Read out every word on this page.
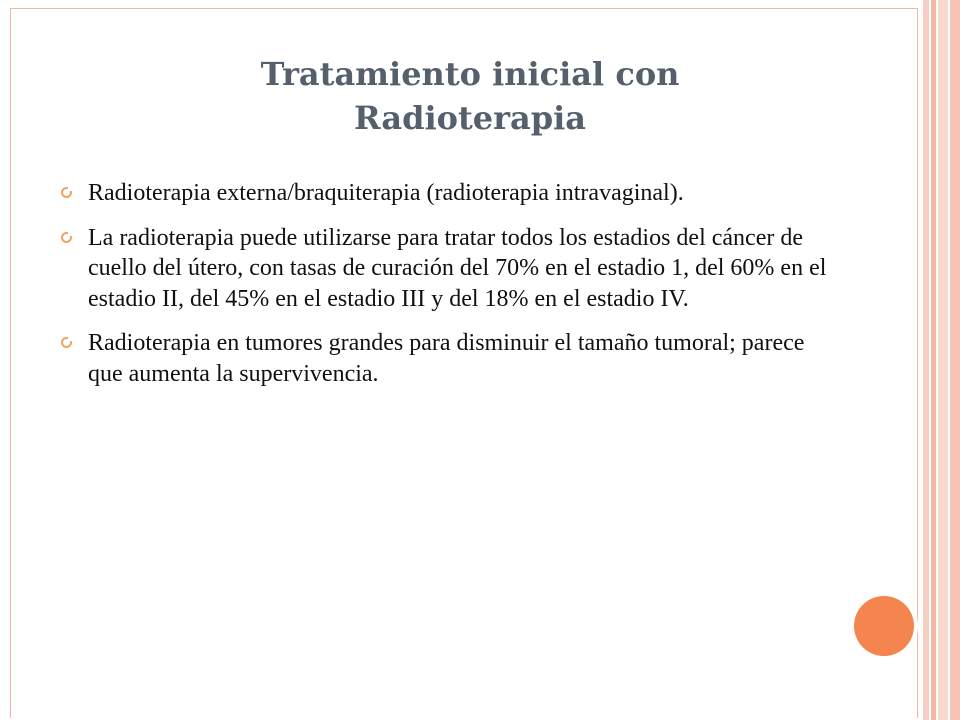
Tratamiento inicial con Radioterapia
Radioterapia externa/braquiterapia (radioterapia intravaginal).
La radioterapia puede utilizarse para tratar todos los estadios del cáncer de cuello del útero, con tasas de curación del 70% en el estadio 1, del 60% en el estadio II, del 45% en el estadio III y del 18% en el estadio IV.
Radioterapia en tumores grandes para disminuir el tamaño tumoral; parece que aumenta la supervivencia.
